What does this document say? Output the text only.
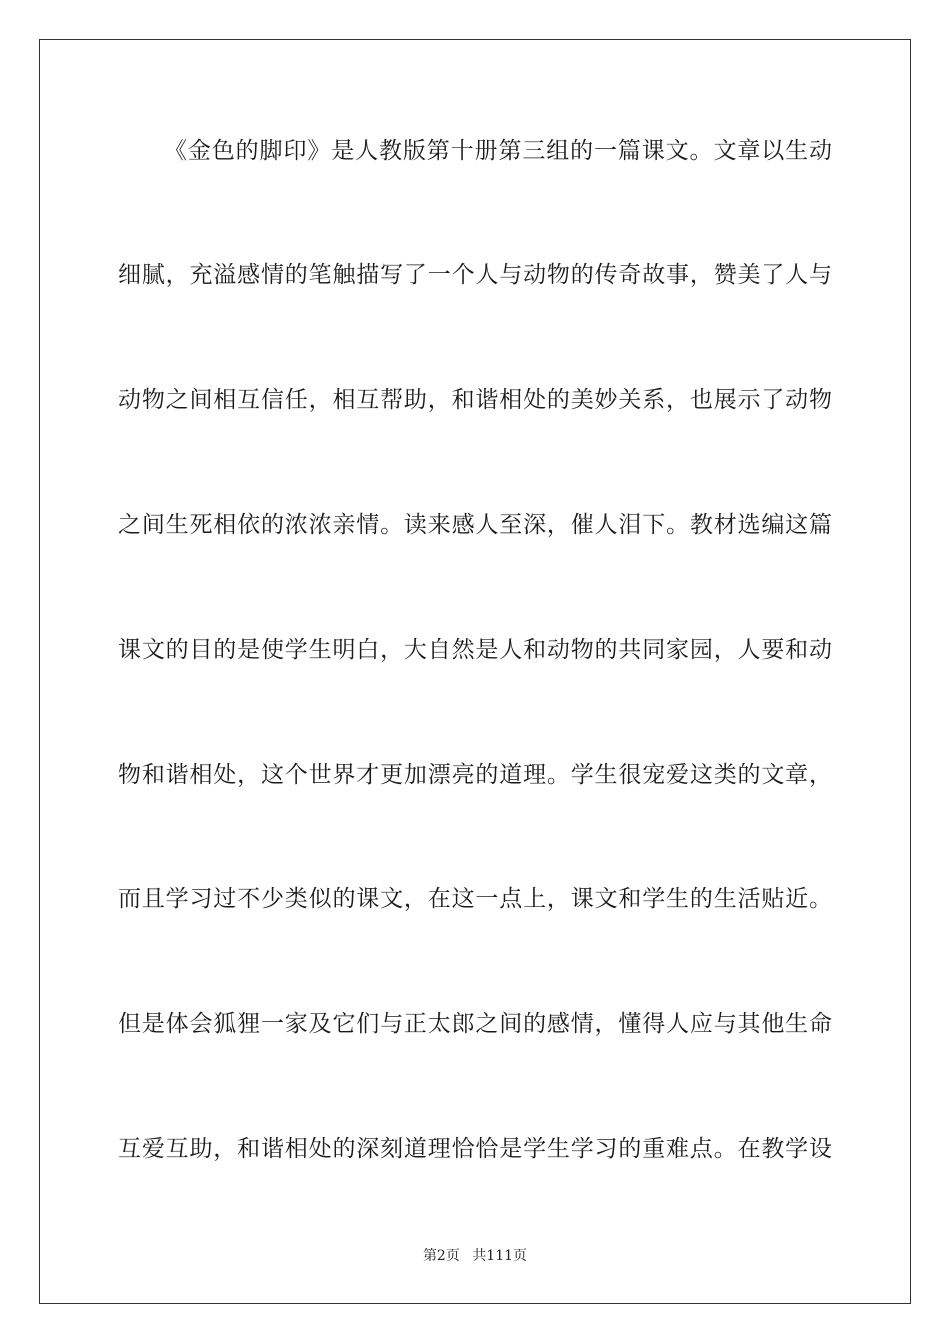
《金色的脚印》是人教版第十册第三组的一篇课文。文章以生动
细腻，充溢感情的笔触描写了一个人与动物的传奇故事，赞美了人与
动物之间相互信任，相互帮助，和谐相处的美妙关系，也展示了动物
之间生死相依的浓浓亲情。读来感人至深，催人泪下。教材选编这篇
课文的目的是使学生明白，大自然是人和动物的共同家园，人要和动
物和谐相处，这个世界才更加漂亮的道理。学生很宠爱这类的文章，
而且学习过不少类似的课文，在这一点上，课文和学生的生活贴近。
但是体会狐狸一家及它们与正太郎之间的感情，懂得人应与其他生命
互爱互助，和谐相处的深刻道理恰恰是学生学习的重难点。在教学设
第2页 共111页
